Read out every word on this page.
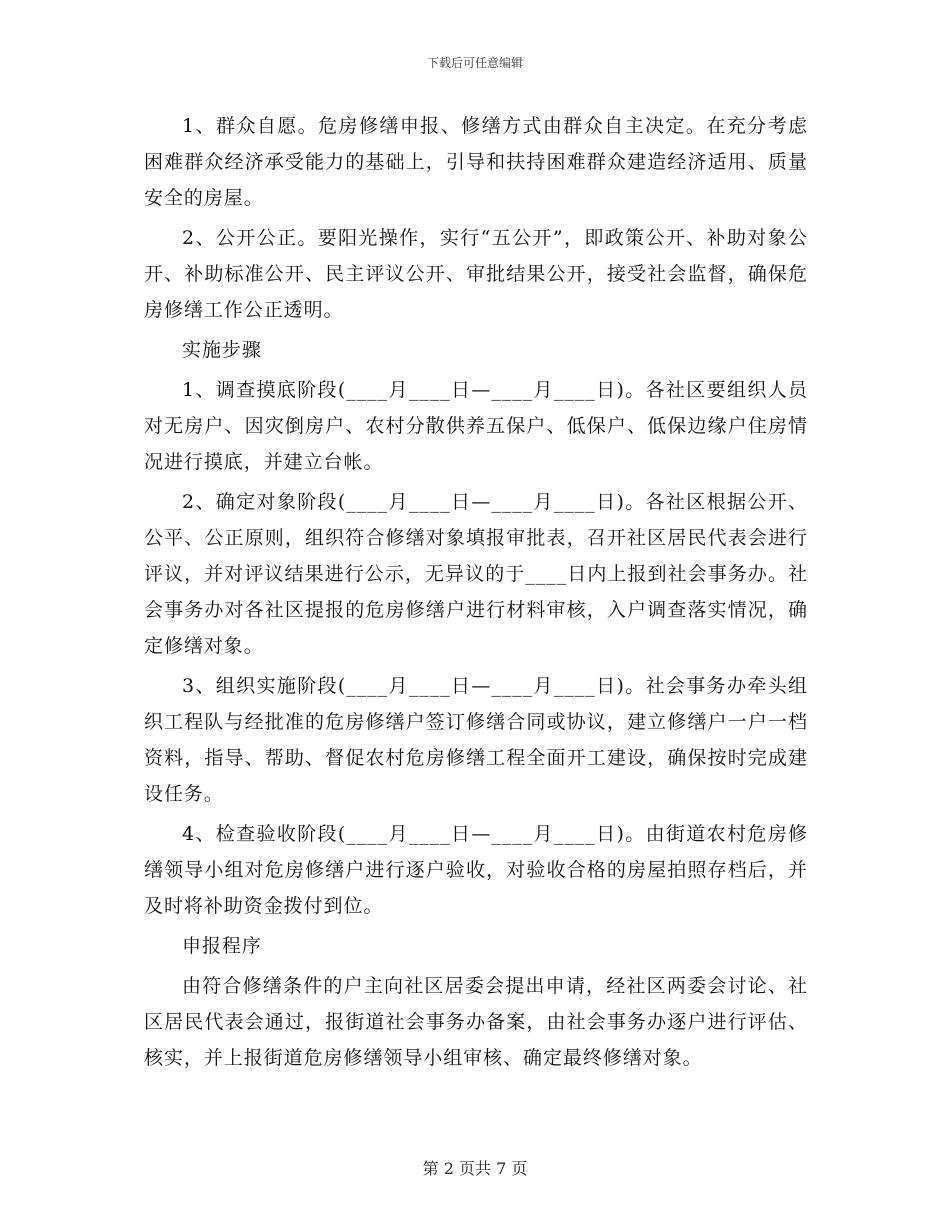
下载后可任意编辑

1、群众自愿。危房修缮申报、修缮方式由群众自主决定。在充分考虑困难群众经济承受能力的基础上，引导和扶持困难群众建造经济适用、质量安全的房屋。

2、公开公正。要阳光操作，实行“五公开”，即政策公开、补助对象公开、补助标准公开、民主评议公开、审批结果公开，接受社会监督，确保危房修缮工作公正透明。

实施步骤

1、调查摸底阶段(____月____日—____月____日)。各社区要组织人员对无房户、因灾倒房户、农村分散供养五保户、低保户、低保边缘户住房情况进行摸底，并建立台帐。

2、确定对象阶段(____月____日—____月____日)。各社区根据公开、公平、公正原则，组织符合修缮对象填报审批表，召开社区居民代表会进行评议，并对评议结果进行公示，无异议的于____日内上报到社会事务办。社会事务办对各社区提报的危房修缮户进行材料审核，入户调查落实情况，确定修缮对象。

3、组织实施阶段(____月____日—____月____日)。社会事务办牵头组织工程队与经批准的危房修缮户签订修缮合同或协议，建立修缮户一户一档资料，指导、帮助、督促农村危房修缮工程全面开工建设，确保按时完成建设任务。

4、检查验收阶段(____月____日—____月____日)。由街道农村危房修缮领导小组对危房修缮户进行逐户验收，对验收合格的房屋拍照存档后，并及时将补助资金拨付到位。

申报程序

由符合修缮条件的户主向社区居委会提出申请，经社区两委会讨论、社区居民代表会通过，报街道社会事务办备案，由社会事务办逐户进行评估、核实，并上报街道危房修缮领导小组审核、确定最终修缮对象。

第 2 页共 7 页
